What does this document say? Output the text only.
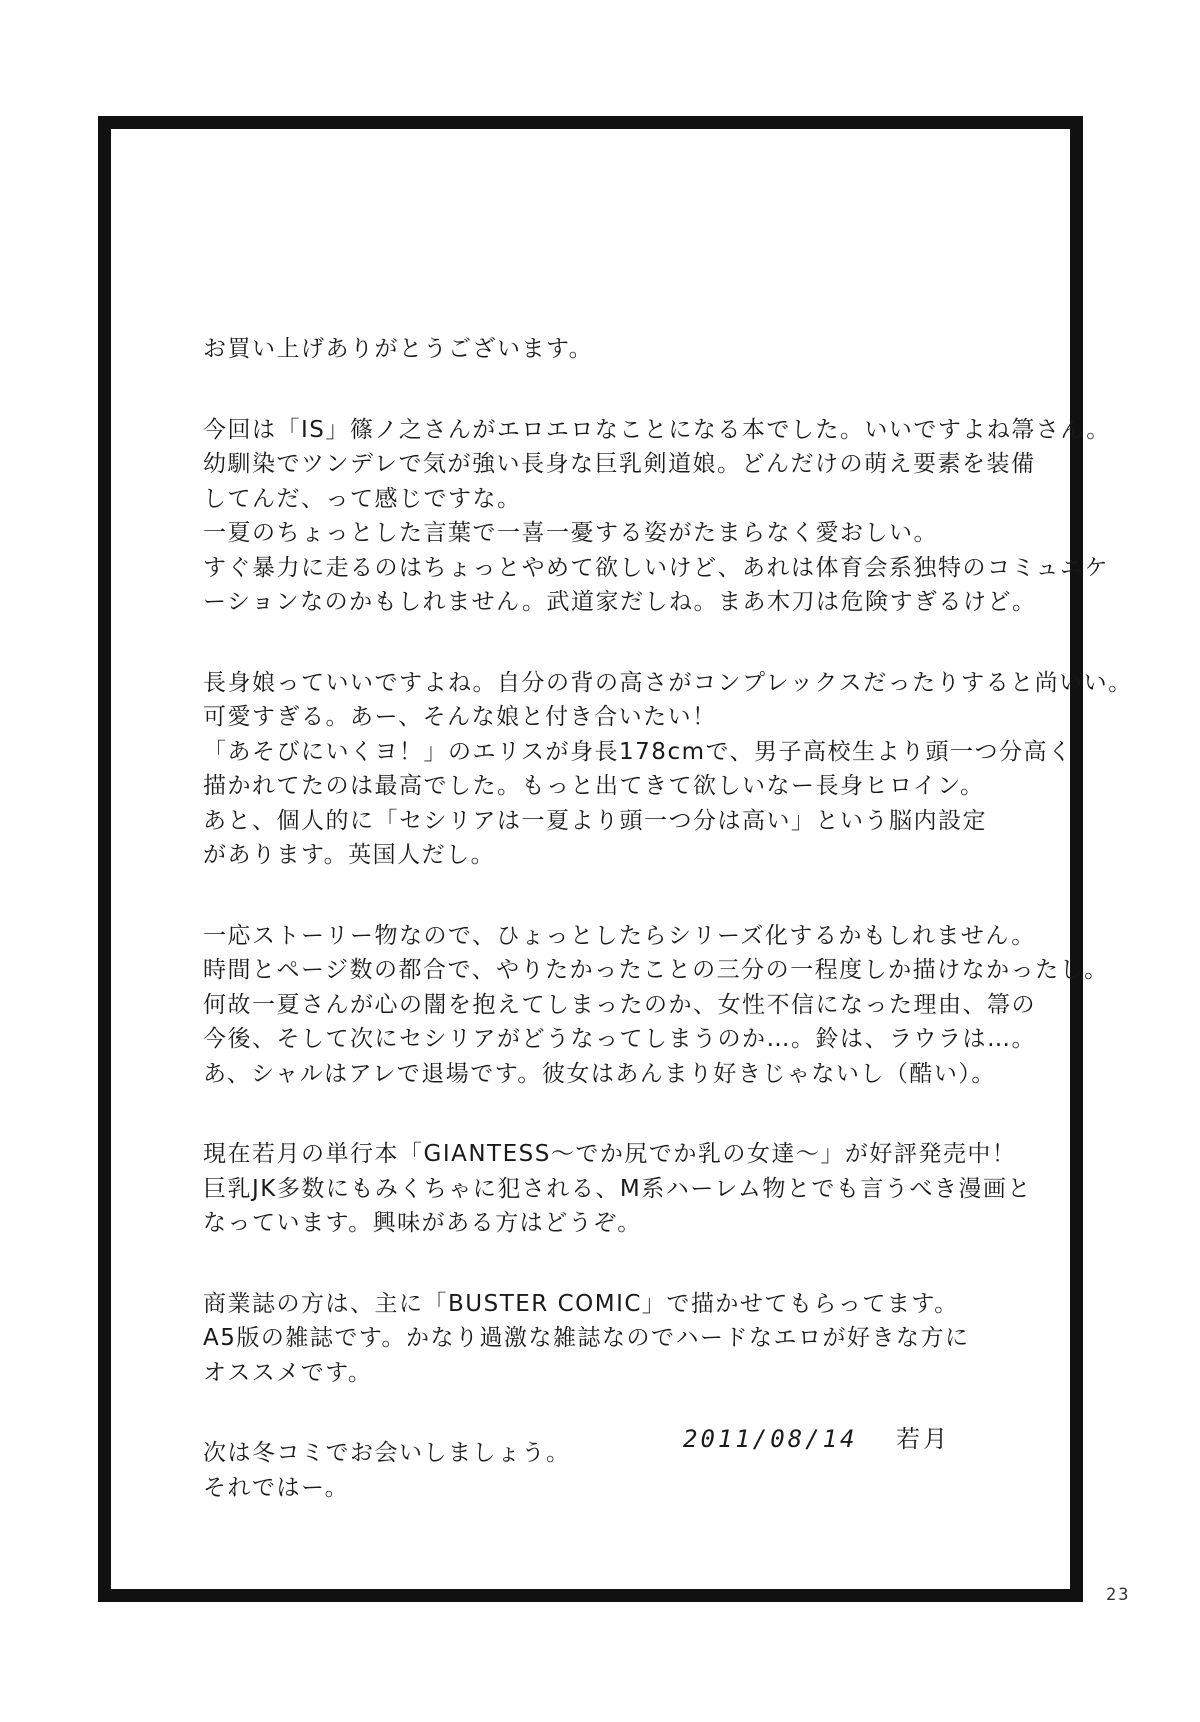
お買い上げありがとうございます。

今回は「IS」篠ノ之さんがエロエロなことになる本でした。いいですよね箒さん。
幼馴染でツンデレで気が強い長身な巨乳剣道娘。どんだけの萌え要素を装備
してんだ、って感じですな。
一夏のちょっとした言葉で一喜一憂する姿がたまらなく愛おしい。
すぐ暴力に走るのはちょっとやめて欲しいけど、あれは体育会系独特のコミュニケ
ーションなのかもしれません。武道家だしね。まあ木刀は危険すぎるけど。

長身娘っていいですよね。自分の背の高さがコンプレックスだったりすると尚いい。
可愛すぎる。あー、そんな娘と付き合いたい！
「あそびにいくヨ！」のエリスが身長178cmで、男子高校生より頭一つ分高く
描かれてたのは最高でした。もっと出てきて欲しいなー長身ヒロイン。
あと、個人的に「セシリアは一夏より頭一つ分は高い」という脳内設定
があります。英国人だし。

一応ストーリー物なので、ひょっとしたらシリーズ化するかもしれません。
時間とページ数の都合で、やりたかったことの三分の一程度しか描けなかったし。
何故一夏さんが心の闇を抱えてしまったのか、女性不信になった理由、箒の
今後、そして次にセシリアがどうなってしまうのか…。鈴は、ラウラは…。
あ、シャルはアレで退場です。彼女はあんまり好きじゃないし（酷い）。

現在若月の単行本「GIANTESS～でか尻でか乳の女達～」が好評発売中！
巨乳JK多数にもみくちゃに犯される、M系ハーレム物とでも言うべき漫画と
なっています。興味がある方はどうぞ。

商業誌の方は、主に「BUSTER COMIC」で描かせてもらってます。
A5版の雑誌です。かなり過激な雑誌なのでハードなエロが好きな方に
オススメです。

次は冬コミでお会いしましょう。
それではー。

2011/08/14 若月
23
